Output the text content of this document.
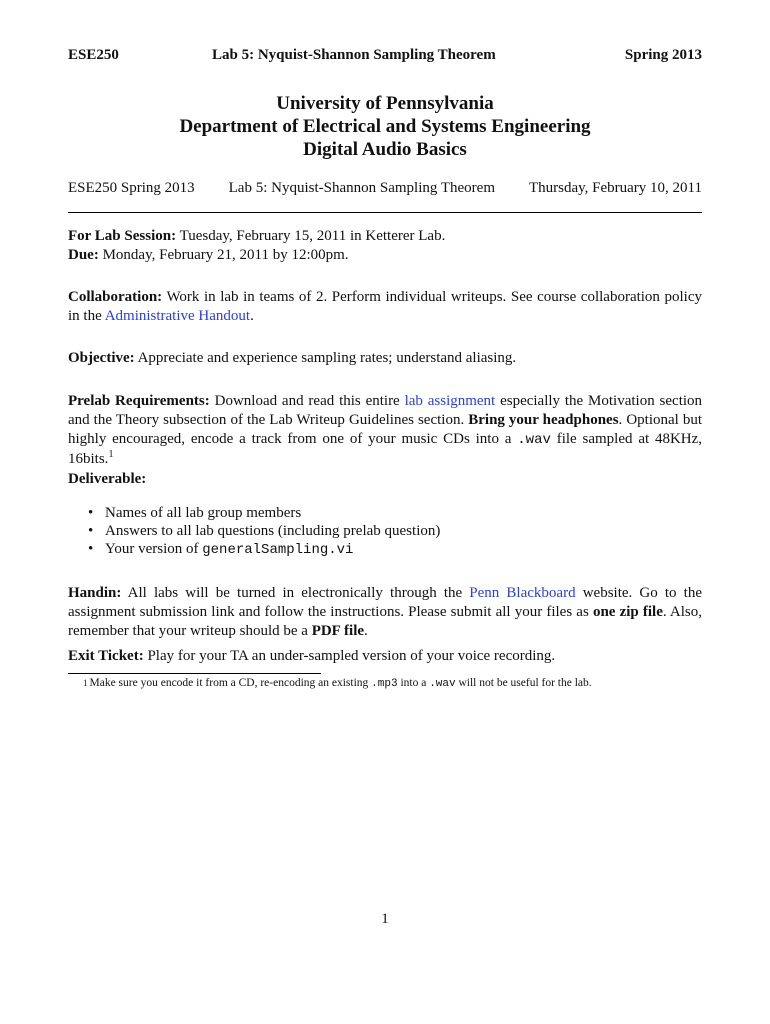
ESE250	Lab 5: Nyquist-Shannon Sampling Theorem	Spring 2013
University of Pennsylvania
Department of Electrical and Systems Engineering
Digital Audio Basics
ESE250 Spring 2013 Lab 5: Nyquist-Shannon Sampling Theorem Thursday, February 10, 2011
For Lab Session: Tuesday, February 15, 2011 in Ketterer Lab.
Due: Monday, February 21, 2011 by 12:00pm.
Collaboration: Work in lab in teams of 2. Perform individual writeups. See course collaboration policy in the Administrative Handout.
Objective: Appreciate and experience sampling rates; understand aliasing.
Prelab Requirements: Download and read this entire lab assignment especially the Motivation section and the Theory subsection of the Lab Writeup Guidelines section. Bring your headphones. Optional but highly encouraged, encode a track from one of your music CDs into a .wav file sampled at 48KHz, 16bits.$^1$
Deliverable:
• Names of all lab group members
• Answers to all lab questions (including prelab question)
• Your version of generalSampling.vi
Handin: All labs will be turned in electronically through the Penn Blackboard website. Go to the assignment submission link and follow the instructions. Please submit all your files as one zip file. Also, remember that your writeup should be a PDF file.
Exit Ticket: Play for your TA an under-sampled version of your voice recording.
$^1$ Make sure you encode it from a CD, re-encoding an existing .mp3 into a .wav will not be useful for the lab.
1
